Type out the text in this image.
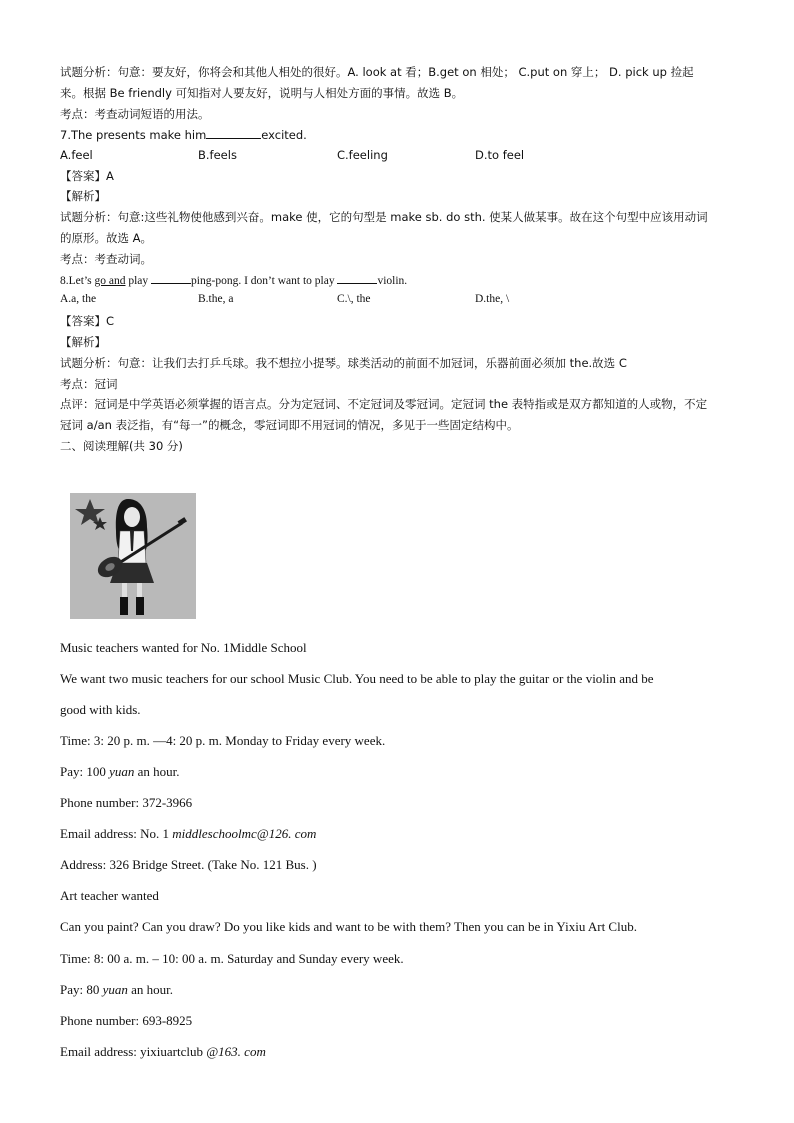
试题分析：句意：要友好，你将会和其他人相处的很好。A. look at 看；B.get on 相处； C.put on 穿上； D. pick up 捡起
来。根据 Be friendly 可知指对人要友好，说明与人相处方面的事情。故选 B。
考点：考查动词短语的用法。
7.The presents make him	excited.
A.feel	B.feels	C.feeling	D.to feel
【答案】A
【解析】
试题分析：句意:这些礼物使他感到兴奋。make 使，它的句型是 make sb. do sth. 使某人做某事。故在这个句型中应该用动词
的原形。故选 A。
考点：考查动词。
8.Let’s go and play	ping-pong. I don’t want to play	violin.
A.a, the	B.the, a	C.\, the	D.the, \
【答案】C
【解析】
试题分析：句意：让我们去打乒乓球。我不想拉小提琴。球类活动的前面不加冠词，乐器前面必须加 the.故选 C
考点：冠词
点评：冠词是中学英语必须掌握的语言点。分为定冠词、不定冠词及零冠词。定冠词 the 表特指或是双方都知道的人或物，不定
冠词 a/an 表泛指，有“每一”的概念，零冠词即不用冠词的情况，多见于一些固定结构中。
二、阅读理解(共 30 分)
Music teachers wanted for No. 1Middle School
We want two music teachers for our school Music Club. You need to be able to play the guitar or the violin and be
good with kids.
Time: 3: 20 p. m. —4: 20 p. m. Monday to Friday every week.
Pay: 100 yuan an hour.
Phone number: 372-3966
Email address: No. 1 middleschoolmc@126. com
Address: 326 Bridge Street. (Take No. 121 Bus. )
Art teacher wanted
Can you paint? Can you draw? Do you like kids and want to be with them? Then you can be in Yixiu Art Club.
Time: 8: 00 a. m. – 10: 00 a. m. Saturday and Sunday every week.
Pay: 80 yuan an hour.
Phone number: 693-8925
Email address: yixiuartclub @163. com
